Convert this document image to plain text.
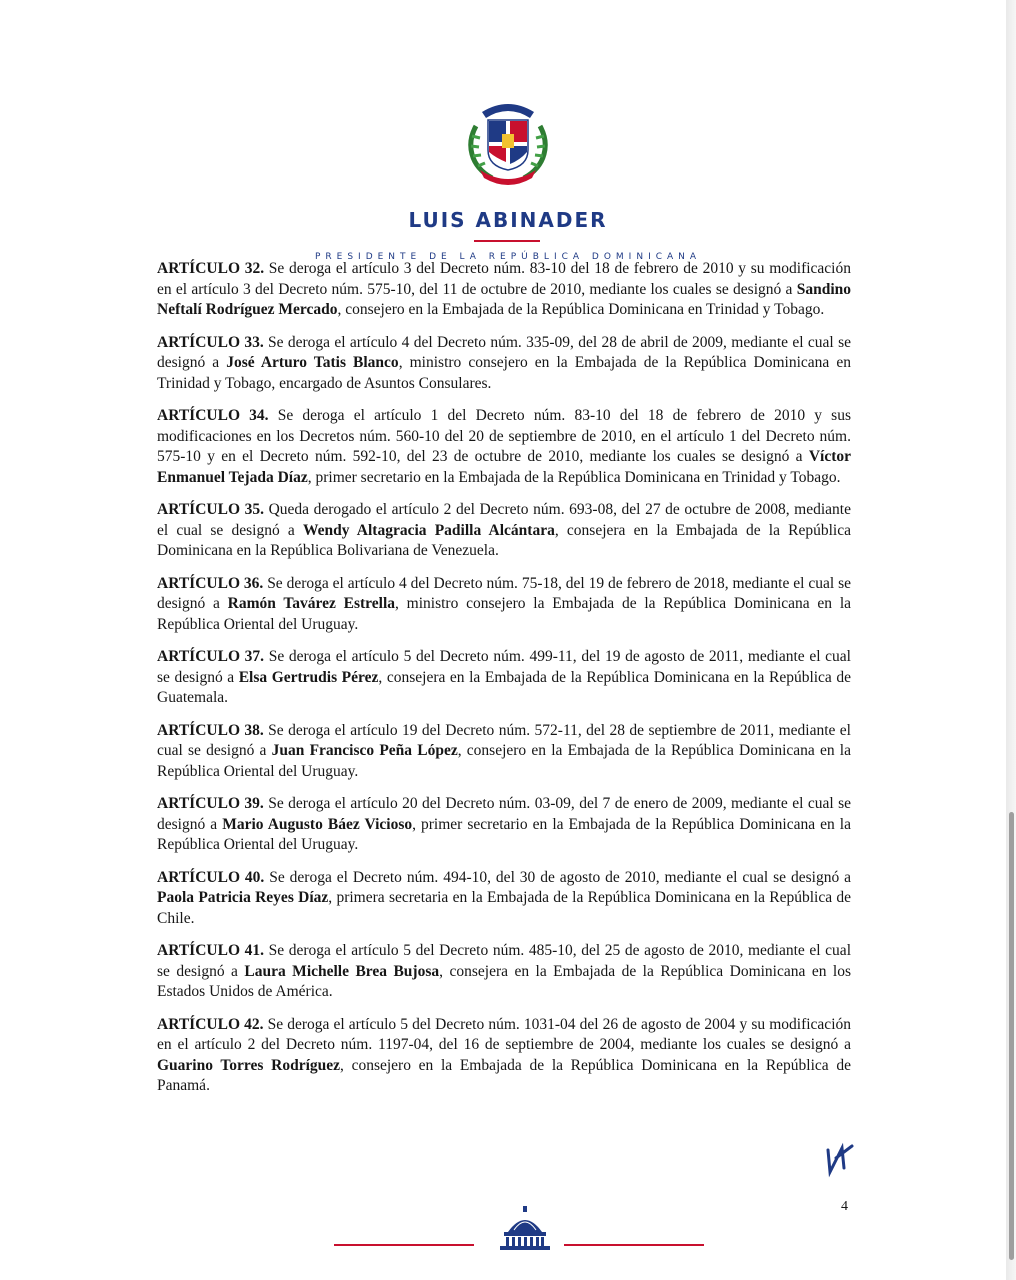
LUIS ABINADER
PRESIDENTE DE LA REPÚBLICA DOMINICANA

ARTÍCULO 32. Se deroga el artículo 3 del Decreto núm. 83-10 del 18 de febrero de 2010 y su modificación en el artículo 3 del Decreto núm. 575-10, del 11 de octubre de 2010, mediante los cuales se designó a Sandino Neftalí Rodríguez Mercado, consejero en la Embajada de la República Dominicana en Trinidad y Tobago.

ARTÍCULO 33. Se deroga el artículo 4 del Decreto núm. 335-09, del 28 de abril de 2009, mediante el cual se designó a José Arturo Tatis Blanco, ministro consejero en la Embajada de la República Dominicana en Trinidad y Tobago, encargado de Asuntos Consulares.

ARTÍCULO 34. Se deroga el artículo 1 del Decreto núm. 83-10 del 18 de febrero de 2010 y sus modificaciones en los Decretos núm. 560-10 del 20 de septiembre de 2010, en el artículo 1 del Decreto núm. 575-10 y en el Decreto núm. 592-10, del 23 de octubre de 2010, mediante los cuales se designó a Víctor Enmanuel Tejada Díaz, primer secretario en la Embajada de la República Dominicana en Trinidad y Tobago.

ARTÍCULO 35. Queda derogado el artículo 2 del Decreto núm. 693-08, del 27 de octubre de 2008, mediante el cual se designó a Wendy Altagracia Padilla Alcántara, consejera en la Embajada de la República Dominicana en la República Bolivariana de Venezuela.

ARTÍCULO 36. Se deroga el artículo 4 del Decreto núm. 75-18, del 19 de febrero de 2018, mediante el cual se designó a Ramón Tavárez Estrella, ministro consejero la Embajada de la República Dominicana en la República Oriental del Uruguay.

ARTÍCULO 37. Se deroga el artículo 5 del Decreto núm. 499-11, del 19 de agosto de 2011, mediante el cual se designó a Elsa Gertrudis Pérez, consejera en la Embajada de la República Dominicana en la República de Guatemala.

ARTÍCULO 38. Se deroga el artículo 19 del Decreto núm. 572-11, del 28 de septiembre de 2011, mediante el cual se designó a Juan Francisco Peña López, consejero en la Embajada de la República Dominicana en la República Oriental del Uruguay.

ARTÍCULO 39. Se deroga el artículo 20 del Decreto núm. 03-09, del 7 de enero de 2009, mediante el cual se designó a Mario Augusto Báez Vicioso, primer secretario en la Embajada de la República Dominicana en la República Oriental del Uruguay.

ARTÍCULO 40. Se deroga el Decreto núm. 494-10, del 30 de agosto de 2010, mediante el cual se designó a Paola Patricia Reyes Díaz, primera secretaria en la Embajada de la República Dominicana en la República de Chile.

ARTÍCULO 41. Se deroga el artículo 5 del Decreto núm. 485-10, del 25 de agosto de 2010, mediante el cual se designó a Laura Michelle Brea Bujosa, consejera en la Embajada de la República Dominicana en los Estados Unidos de América.

ARTÍCULO 42. Se deroga el artículo 5 del Decreto núm. 1031-04 del 26 de agosto de 2004 y su modificación en el artículo 2 del Decreto núm. 1197-04, del 16 de septiembre de 2004, mediante los cuales se designó a Guarino Torres Rodríguez, consejero en la Embajada de la República Dominicana en la República de Panamá.

4
